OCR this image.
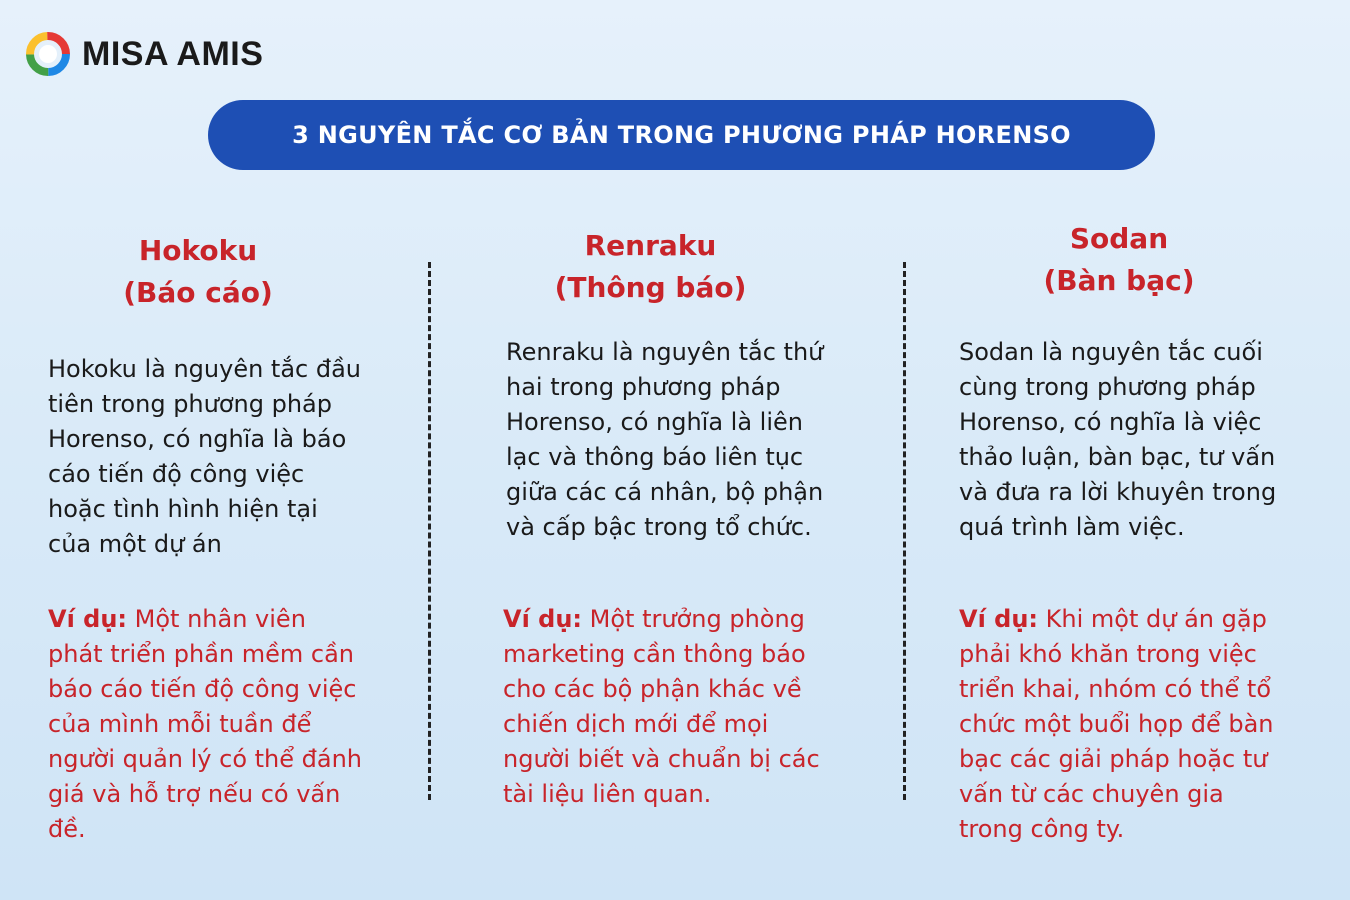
MISA AMIS
3 NGUYÊN TẮC CƠ BẢN TRONG PHƯƠNG PHÁP HORENSO
Hokoku
(Báo cáo)
Hokoku là nguyên tắc đầu tiên trong phương pháp Horenso, có nghĩa là báo cáo tiến độ công việc hoặc tình hình hiện tại của một dự án
Ví dụ: Một nhân viên phát triển phần mềm cần báo cáo tiến độ công việc của mình mỗi tuần để người quản lý có thể đánh giá và hỗ trợ nếu có vấn đề.
Renraku
(Thông báo)
Renraku là nguyên tắc thứ hai trong phương pháp Horenso, có nghĩa là liên lạc và thông báo liên tục giữa các cá nhân, bộ phận và cấp bậc trong tổ chức.
Ví dụ: Một trưởng phòng marketing cần thông báo cho các bộ phận khác về chiến dịch mới để mọi người biết và chuẩn bị các tài liệu liên quan.
Sodan
(Bàn bạc)
Sodan là nguyên tắc cuối cùng trong phương pháp Horenso, có nghĩa là việc thảo luận, bàn bạc, tư vấn và đưa ra lời khuyên trong quá trình làm việc.
Ví dụ: Khi một dự án gặp phải khó khăn trong việc triển khai, nhóm có thể tổ chức một buổi họp để bàn bạc các giải pháp hoặc tư vấn từ các chuyên gia trong công ty.
